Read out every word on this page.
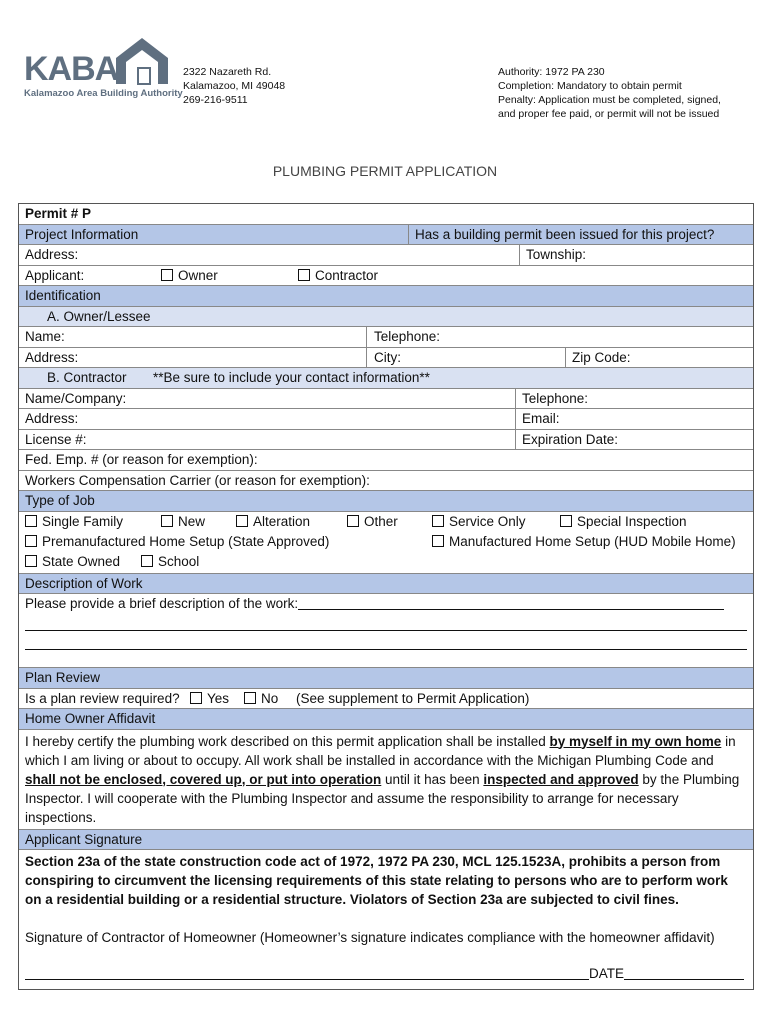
KABA
Kalamazoo Area Building Authority
2322 Nazareth Rd.
Kalamazoo, MI 49048
269-216-9511
Authority: 1972 PA 230
Completion: Mandatory to obtain permit
Penalty: Application must be completed, signed,
and proper fee paid, or permit will not be issued
PLUMBING PERMIT APPLICATION
Permit # P
Project Information	Has a building permit been issued for this project?
Address:	Township:
Applicant:	Owner	Contractor
Identification
A. Owner/Lessee
Name:	Telephone:
Address:	City:	Zip Code:
B. Contractor **Be sure to include your contact information**
Name/Company:	Telephone:
Address:	Email:
License #:	Expiration Date:
Fed. Emp. # (or reason for exemption):
Workers Compensation Carrier (or reason for exemption):
Type of Job
Single Family	New	Alteration	Other	Service Only	Special Inspection
Premanufactured Home Setup (State Approved)	Manufactured Home Setup (HUD Mobile Home)
State Owned	School
Description of Work
Please provide a brief description of the work:
Plan Review
Is a plan review required?	Yes	No (See supplement to Permit Application)
Home Owner Affidavit
I hereby certify the plumbing work described on this permit application shall be installed by myself in my own home in which I am living or about to occupy. All work shall be installed in accordance with the Michigan Plumbing Code and shall not be enclosed, covered up, or put into operation until it has been inspected and approved by the Plumbing Inspector. I will cooperate with the Plumbing Inspector and assume the responsibility to arrange for necessary inspections.
Applicant Signature
Section 23a of the state construction code act of 1972, 1972 PA 230, MCL 125.1523A, prohibits a person from conspiring to circumvent the licensing requirements of this state relating to persons who are to perform work on a residential building or a residential structure. Violators of Section 23a are subjected to civil fines.
Signature of Contractor of Homeowner (Homeowner’s signature indicates compliance with the homeowner affidavit)
DATE
